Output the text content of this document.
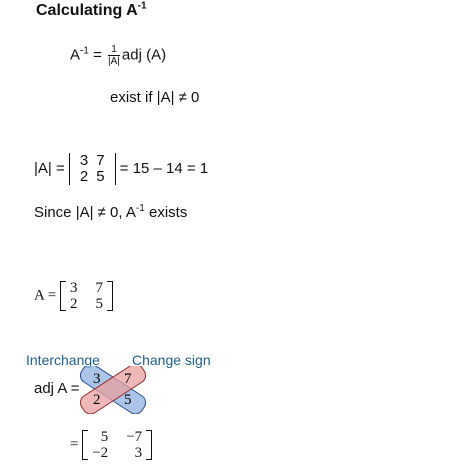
Calculating $A^{-1}$
$A^{-1} = \frac{1}{|A|}$ adj (A)
exist if |A| ≠ 0
|A| = 3	7
2	5 = 15 – 14 = 1
Since |A| ≠ 0, $A^{-1}$ exists
A = 3	7
2	5
Interchange Change sign
adj A =
3 7
2 5
= 5	−7
−2	3
